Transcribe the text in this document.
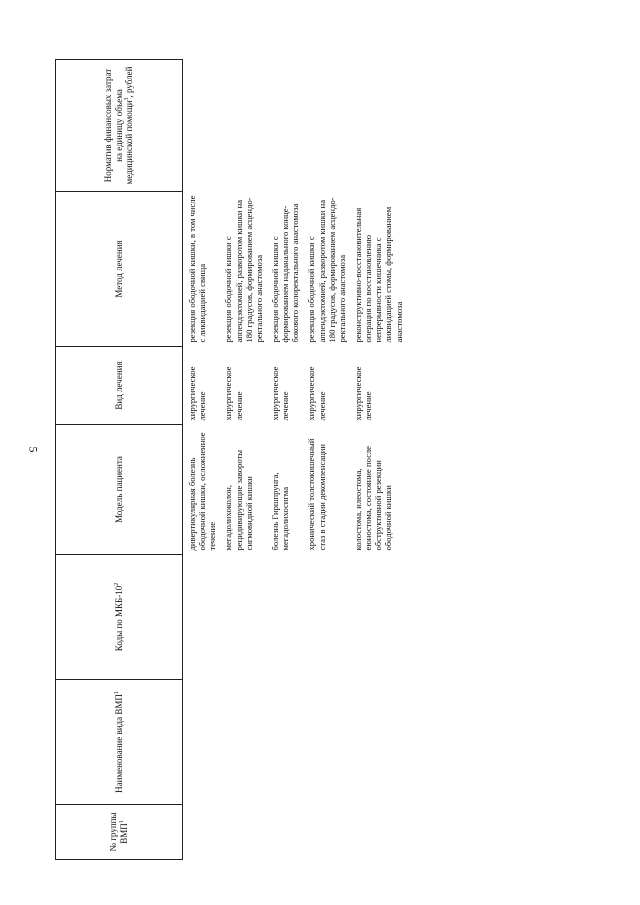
5
№ группы ВМП$^1$	Наименование вида ВМП$^1$	Коды по МКБ-$10^2$	Модель пациента	Вид лечения	Метод лечения	Норматив финансовых затрат на единицу объема медицинской помощи$^3$, рублей
			дивертикулярная болезнь ободочной кишки, осложненное течение	хирургическое лечение	резекция ободочной кишки, в том числе с ликвидацией свища	
			мегадолихоколон, рецидивирующие завороты сигмовидной кишки	хирургическое лечение	резекция ободочной кишки с аппендэктомией, разворотом кишки на 180 градусов, формированием асцендо-ректального анастомоза	
			болезнь Гиршпрунга, мегадолихосигма	хирургическое лечение	резекция ободочной кишки с формированием наданального конце-бокового колоректального анастомоза	
			хронический толстокишечный стаз в стадии декомпенсации	хирургическое лечение	резекция ободочной кишки с аппендэктомией, разворотом кишки на 180 градусов, формированием асцендо-ректального анастомоза	
			колостома, илеостома, еюностома, состояние после обструктивной резекции ободочной кишки	хирургическое лечение	реконструктивно-восстановительная операция по восстановлению непрерывности кишечника с ликвидацией стомы, формированием анастомоза	
